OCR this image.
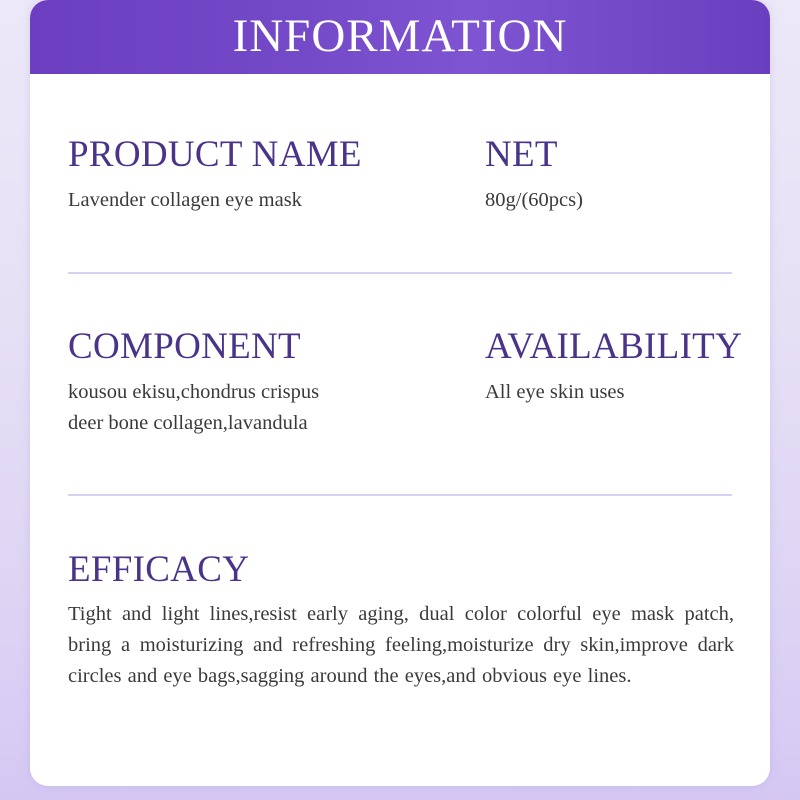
INFORMATION
PRODUCT NAME
Lavender collagen eye mask
NET
80g/(60pcs)
COMPONENT
kousou ekisu,chondrus crispus
deer bone collagen,lavandula
AVAILABILITY
All eye skin uses
EFFICACY
Tight and light lines,resist early aging, dual color colorful eye mask patch, bring a moisturizing and refreshing feeling,moisturize dry skin,improve dark circles and eye bags,sagging around the eyes,and obvious eye lines.
